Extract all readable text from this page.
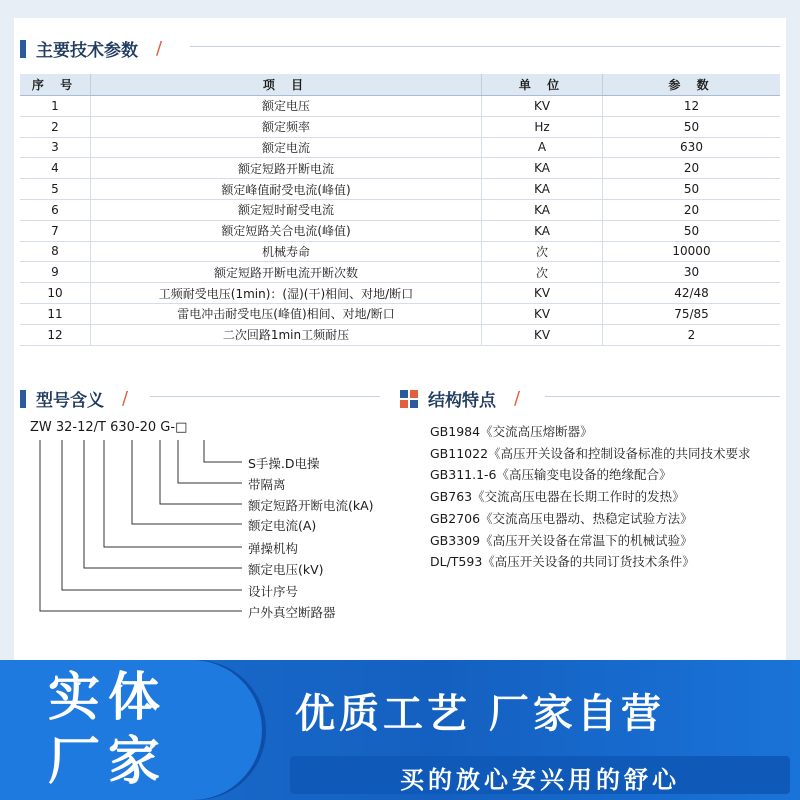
主要技术参数 /
序 号	项 目	单 位	参 数
1	额定电压	KV	12
2	额定频率	Hz	50
3	额定电流	A	630
4	额定短路开断电流	KA	20
5	额定峰值耐受电流(峰值)	KA	50
6	额定短时耐受电流	KA	20
7	额定短路关合电流(峰值)	KA	50
8	机械寿命	次	10000
9	额定短路开断电流开断次数	次	30
10	工频耐受电压(1min)：(湿)(干)相间、对地/断口	KV	42/48
11	雷电冲击耐受电压(峰值)相间、对地/断口	KV	75/85
12	二次回路1min工频耐压	KV	2
型号含义 /
ZW 32-12/T 630-20 G-□
S手操.D电操
带隔离
额定短路开断电流(kA)
额定电流(A)
弹操机构
额定电压(kV)
设计序号
户外真空断路器
结构特点 /
GB1984《交流高压熔断器》
GB11022《高压开关设备和控制设备标准的共同技术要求
GB311.1-6《高压输变电设备的绝缘配合》
GB763《交流高压电器在长期工作时的发热》
GB2706《交流高压电器动、热稳定试验方法》
GB3309《高压开关设备在常温下的机械试验》
DL/T593《高压开关设备的共同订货技术条件》
实体
厂家
优质工艺 厂家自营
买的放心安兴用的舒心
